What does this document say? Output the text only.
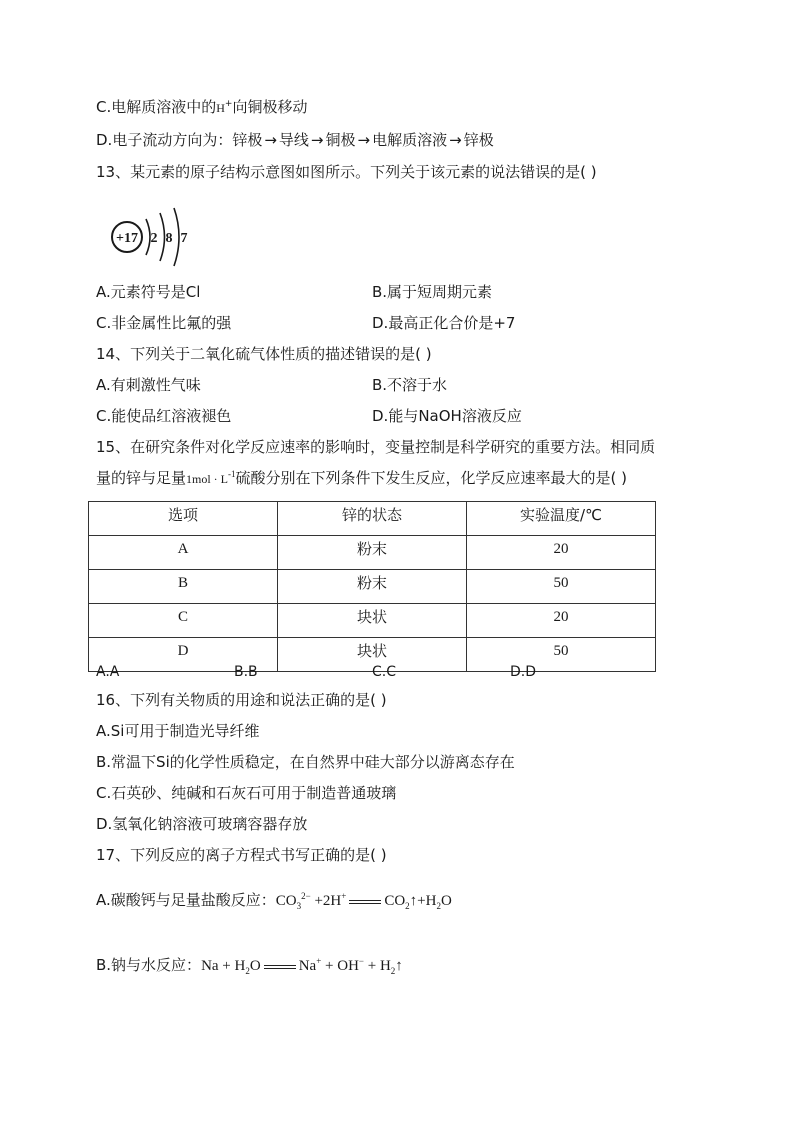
C.电解质溶液中的H+向铜极移动
D.电子流动方向为：锌极 → 导线 → 铜极 → 电解质溶液 → 锌极
13、某元素的原子结构示意图如图所示。下列关于该元素的说法错误的是( )
+17 2 8 7
A.元素符号是Cl	B.属于短周期元素
C.非金属性比氟的强	D.最高正化合价是+7
14、下列关于二氧化硫气体性质的描述错误的是( )
A.有刺激性气味	B.不溶于水
C.能使品红溶液褪色	D.能与NaOH溶液反应
15、在研究条件对化学反应速率的影响时，变量控制是科学研究的重要方法。相同质
量的锌与足量$1mol \cdot L^{-1}$硫酸分别在下列条件下发生反应，化学反应速率最大的是( )
选项	锌的状态	实验温度/℃
A	粉末	20
B	粉末	50
C	块状	20
D	块状	50
A.A	B.B	C.C	D.D
16、下列有关物质的用途和说法正确的是( )
A.Si可用于制造光导纤维
B.常温下Si的化学性质稳定，在自然界中硅大部分以游离态存在
C.石英砂、纯碱和石灰石可用于制造普通玻璃
D.氢氧化钠溶液可玻璃容器存放
17、下列反应的离子方程式书写正确的是( )
A.碳酸钙与足量盐酸反应：$CO_3^{2-} +2H^+$	$CO_2↑+H_2O$
B.钠与水反应：$Na + H_2O$	$Na^+ + OH^- + H_2↑$
